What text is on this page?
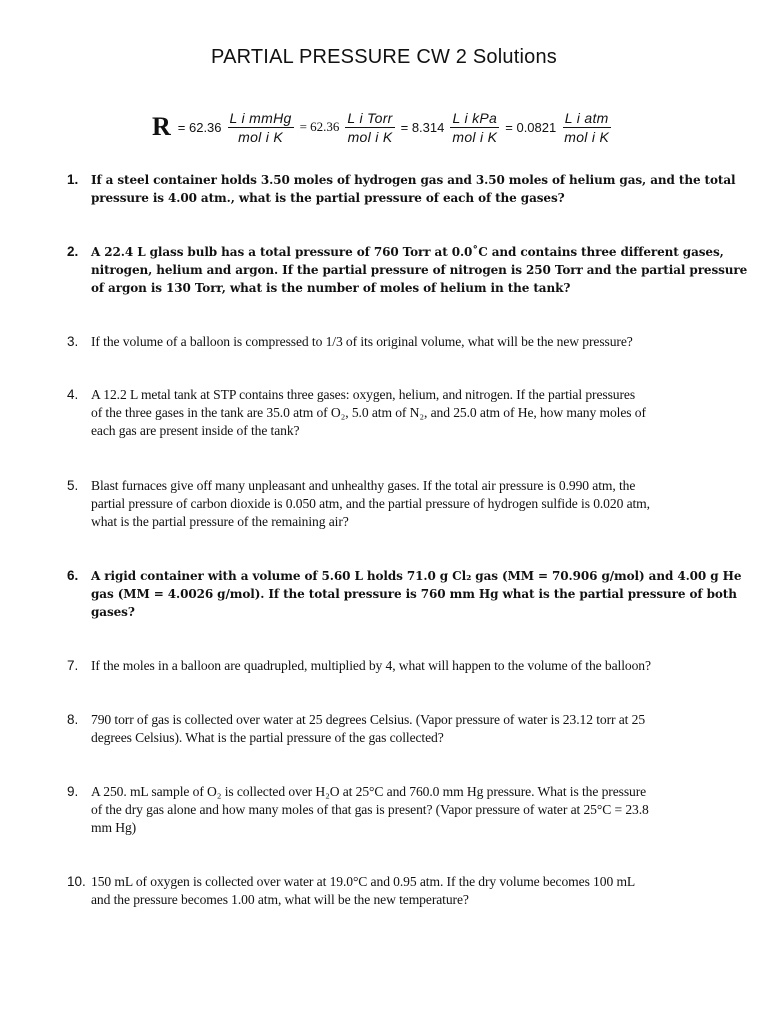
PARTIAL PRESSURE CW 2 Solutions
$R = 62.36 \frac{\text{L i mmHg}}{\text{mol i K}} = 62.36 \frac{\text{L i Torr}}{\text{mol i K}} = 8.314 \frac{\text{L i kPa}}{\text{mol i K}} = 0.0821 \frac{\text{L i atm}}{\text{mol i K}}$
1.	If a steel container holds 3.50 moles of hydrogen gas and 3.50 moles of helium gas, and the total
pressure is 4.00 atm., what is the partial pressure of each of the gases?
2.	A 22.4 L glass bulb has a total pressure of 760 Torr at 0.0˚C and contains three different gases,
nitrogen, helium and argon. If the partial pressure of nitrogen is 250 Torr and the partial pressure
of argon is 130 Torr, what is the number of moles of helium in the tank?
3. If the volume of a balloon is compressed to 1/3 of its original volume, what will be the new pressure?
4. A 12.2 L metal tank at STP contains three gases: oxygen, helium, and nitrogen. If the partial pressures
of the three gases in the tank are 35.0 atm of O₂, 5.0 atm of N₂, and 25.0 atm of He, how many moles of
each gas are present inside of the tank?
5. Blast furnaces give off many unpleasant and unhealthy gases. If the total air pressure is 0.990 atm, the
partial pressure of carbon dioxide is 0.050 atm, and the partial pressure of hydrogen sulfide is 0.020 atm,
what is the partial pressure of the remaining air?
6.	A rigid container with a volume of 5.60 L holds 71.0 g Cl₂ gas (MM = 70.906 g/mol) and 4.00 g He
gas (MM = 4.0026 g/mol). If the total pressure is 760 mm Hg what is the partial pressure of both
gases?
7. If the moles in a balloon are quadrupled, multiplied by 4, what will happen to the volume of the balloon?
8. 790 torr of gas is collected over water at 25 degrees Celsius. (Vapor pressure of water is 23.12 torr at 25
degrees Celsius). What is the partial pressure of the gas collected?
9. A 250. mL sample of O₂ is collected over H₂O at 25°C and 760.0 mm Hg pressure. What is the pressure
of the dry gas alone and how many moles of that gas is present? (Vapor pressure of water at 25°C = 23.8
mm Hg)
10. 150 mL of oxygen is collected over water at 19.0°C and 0.95 atm. If the dry volume becomes 100 mL
and the pressure becomes 1.00 atm, what will be the new temperature?
